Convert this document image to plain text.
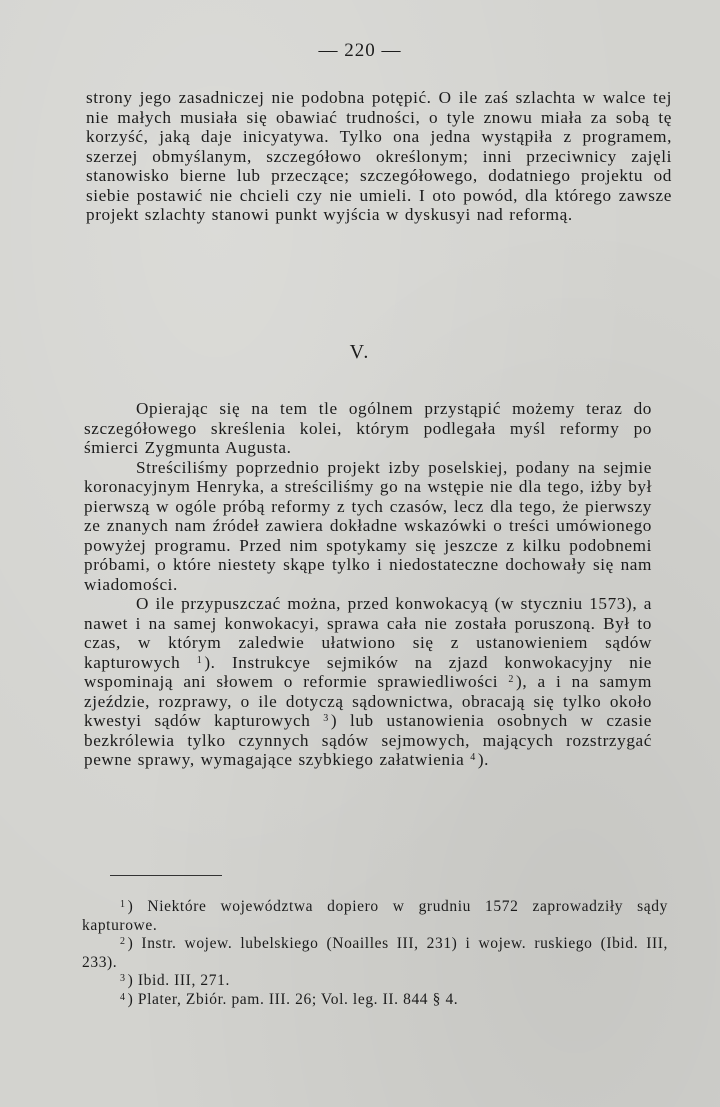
— 220 —

strony jego zasadniczej nie podobna potępić. O ile zaś szlachta w walce tej nie małych musiała się obawiać trudności, o tyle znowu miała za sobą tę korzyść, jaką daje inicyatywa. Tylko ona jedna wystąpiła z programem, szerzej obmyślanym, szczegółowo określonym; inni przeciwnicy zajęli stanowisko bierne lub przeczące; szczegółowego, dodatniego projektu od siebie postawić nie chcieli czy nie umieli. I oto powód, dla którego zawsze projekt szlachty stanowi punkt wyjścia w dyskusyi nad reformą.

V.

Opierając się na tem tle ogólnem przystąpić możemy teraz do szczegółowego skreślenia kolei, którym podlegała myśl reformy po śmierci Zygmunta Augusta.

Streściliśmy poprzednio projekt izby poselskiej, podany na sejmie koronacyjnym Henryka, a streściliśmy go na wstępie nie dla tego, iżby był pierwszą w ogóle próbą reformy z tych czasów, lecz dla tego, że pierwszy ze znanych nam źródeł zawiera dokładne wskazówki o treści umówionego powyżej programu. Przed nim spotykamy się jeszcze z kilku podobnemi próbami, o które niestety skąpe tylko i niedostateczne dochowały się nam wiadomości.

O ile przypuszczać można, przed konwokacyą (w styczniu 1573), a nawet i na samej konwokacyi, sprawa cała nie została poruszoną. Był to czas, w którym zaledwie ułatwiono się z ustanowieniem sądów kapturowych $^1$ ). Instrukcye sejmików na zjazd konwokacyjny nie wspominają ani słowem o reformie sprawiedliwości $^2$ ), a i na samym zjeździe, rozprawy, o ile dotyczą sądownictwa, obracają się tylko około kwestyi sądów kapturowych $^3$ ) lub ustanowienia osobnych w czasie bezkrólewia tylko czynnych sądów sejmowych, mających rozstrzygać pewne sprawy, wymagające szybkiego załatwienia $^4$ ).

$^1$ ) Niektóre województwa dopiero w grudniu 1572 zaprowadziły sądy kapturowe.

$^2$ ) Instr. wojew. lubelskiego (Noailles III, 231) i wojew. ruskiego (Ibid. III, 233).

$^3$ ) Ibid. III, 271.

$^4$ ) Plater, Zbiór. pam. III. 26; Vol. leg. II. 844 § 4.
